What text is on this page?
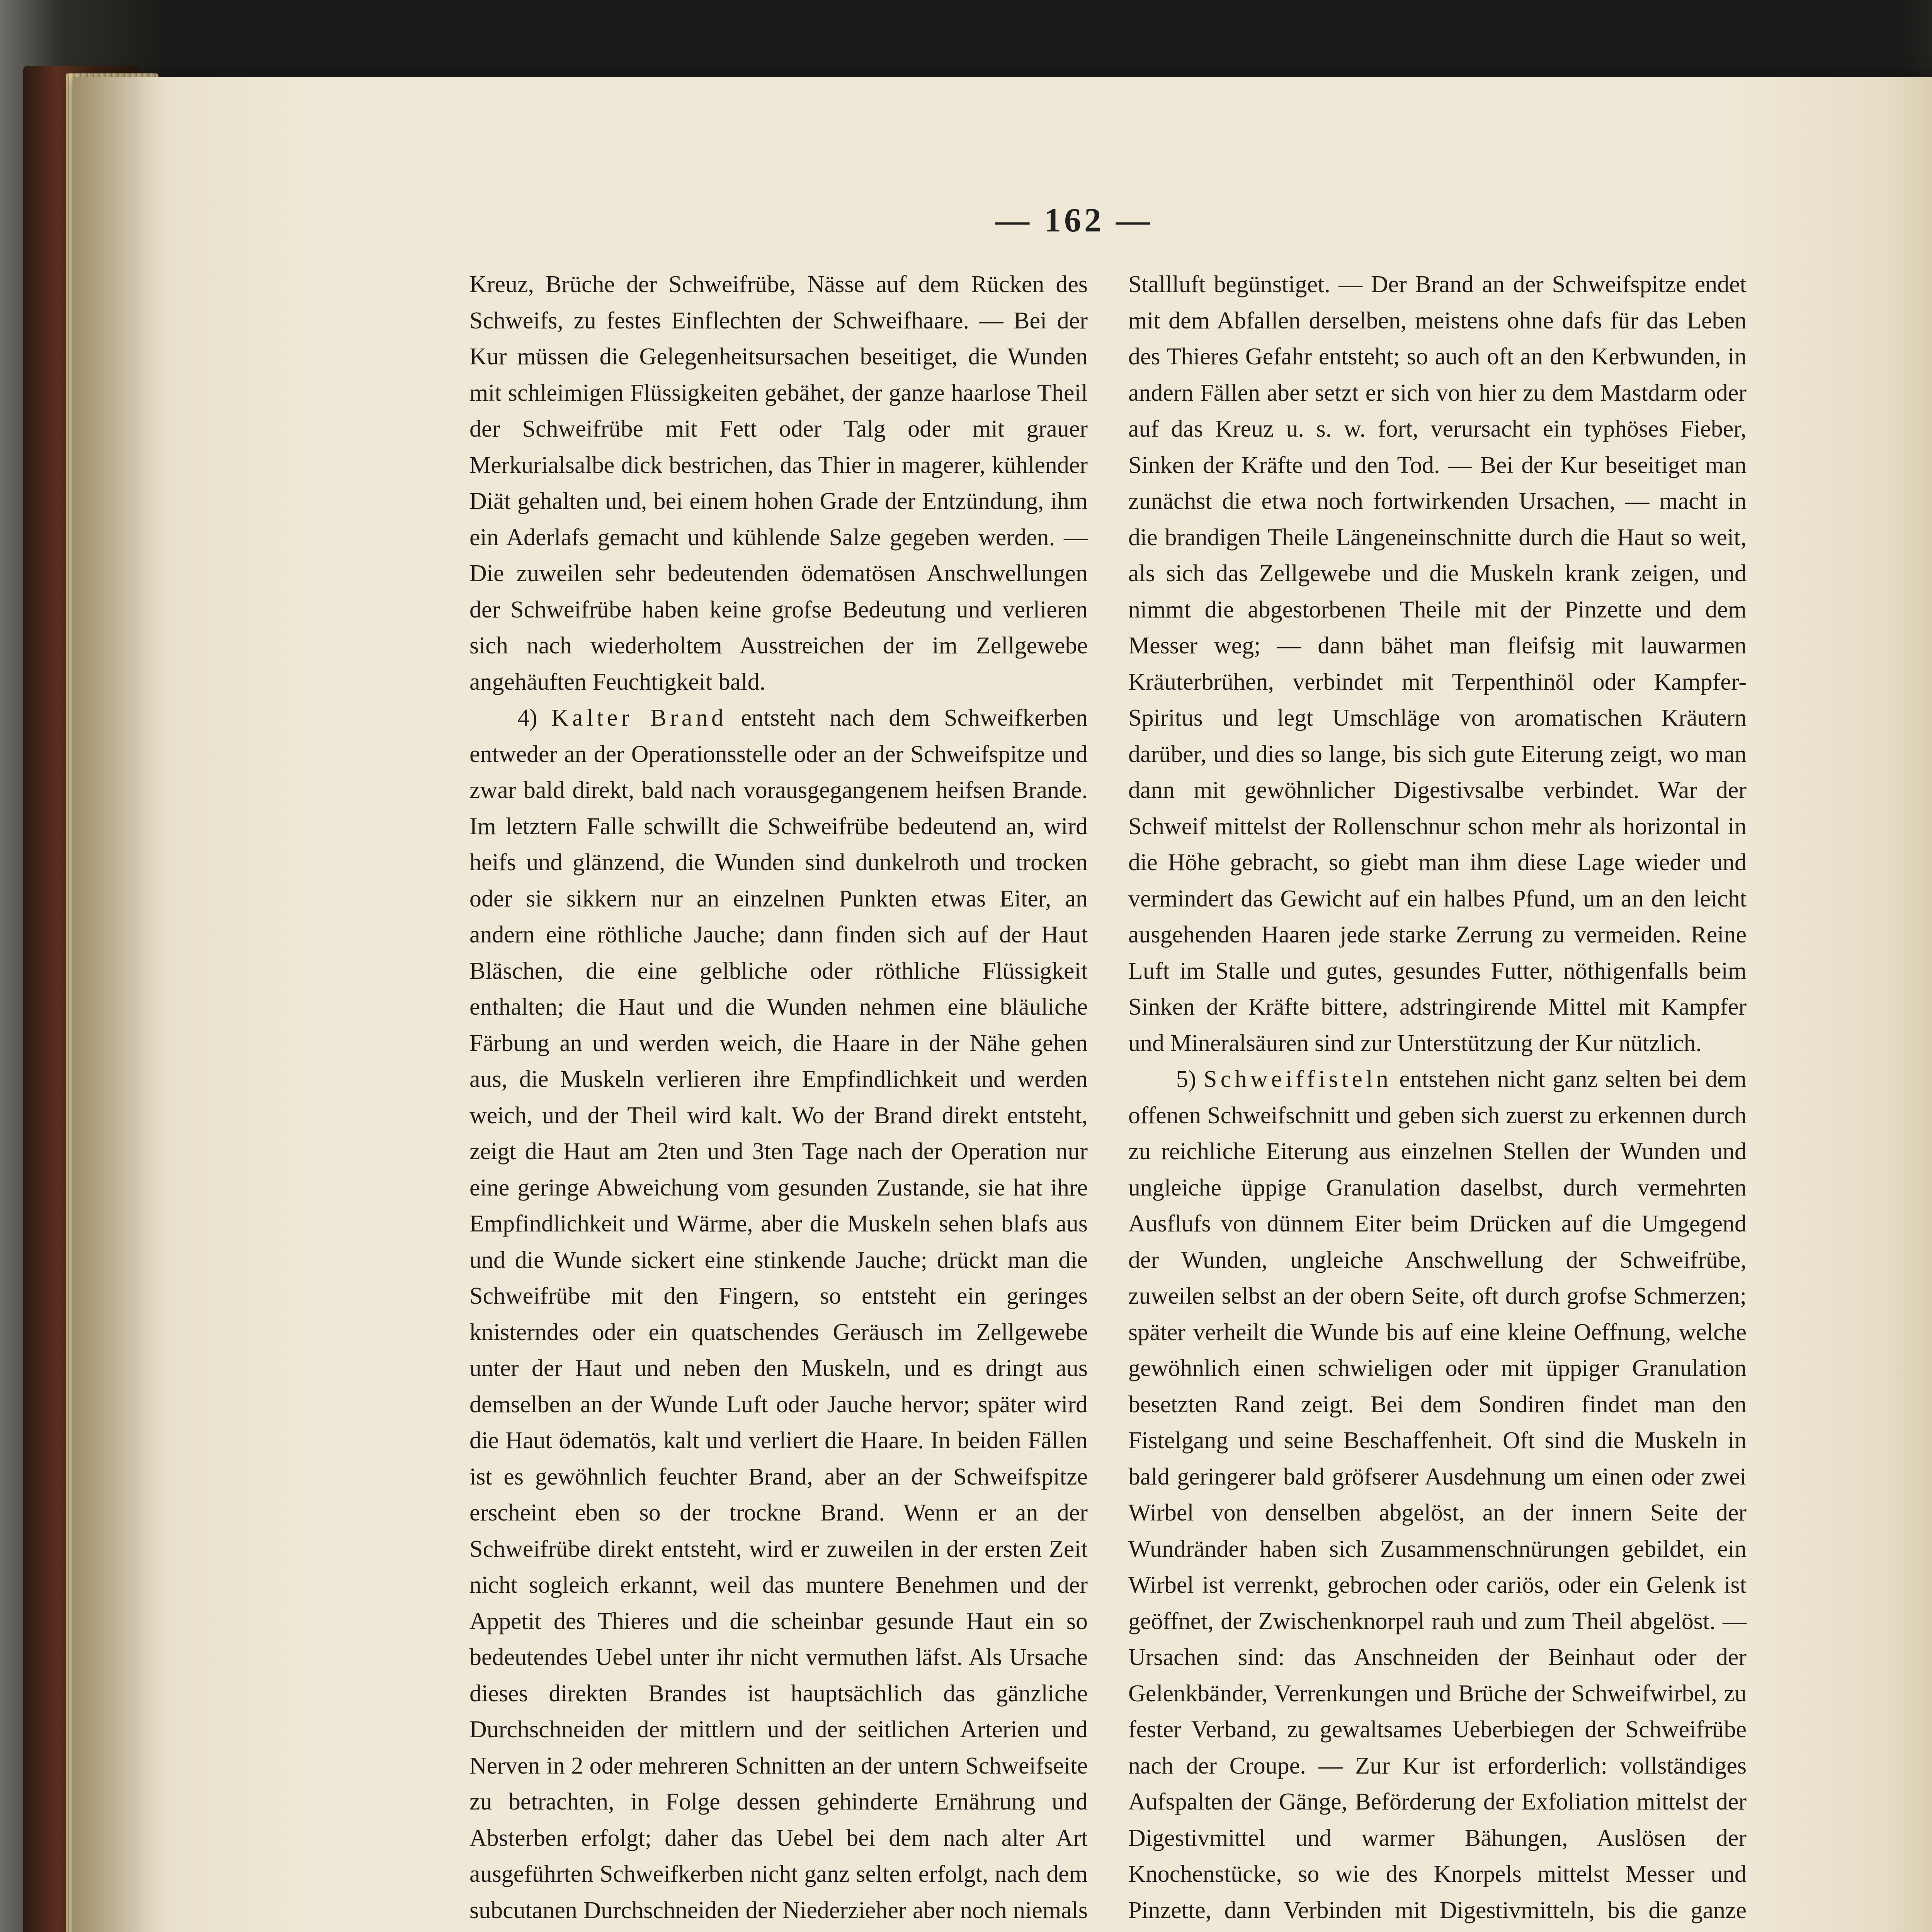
— 162 —

Kreuz, Brüche der Schweifrübe, Nässe auf dem Rücken des Schweifs, zu festes Einflechten der Schweifhaare. — Bei der Kur müssen die Gelegenheitsursachen beseitiget, die Wunden mit schleimigen Flüssigkeiten gebähet, der ganze haarlose Theil der Schweifrübe mit Fett oder Talg oder mit grauer Merkurialsalbe dick bestrichen, das Thier in magerer, kühlender Diät gehalten und, bei einem hohen Grade der Entzündung, ihm ein Aderlafs gemacht und kühlende Salze gegeben werden. — Die zuweilen sehr bedeutenden ödematösen Anschwellungen der Schweifrübe haben keine grofse Bedeutung und verlieren sich nach wiederholtem Ausstreichen der im Zellgewebe angehäuften Feuchtigkeit bald.

4) Kalter Brand entsteht nach dem Schweifkerben entweder an der Operationsstelle oder an der Schweifspitze und zwar bald direkt, bald nach vorausgegangenem heifsen Brande. Im letztern Falle schwillt die Schweifrübe bedeutend an, wird heifs und glänzend, die Wunden sind dunkelroth und trocken oder sie sikkern nur an einzelnen Punkten etwas Eiter, an andern eine röthliche Jauche; dann finden sich auf der Haut Bläschen, die eine gelbliche oder röthliche Flüssigkeit enthalten; die Haut und die Wunden nehmen eine bläuliche Färbung an und werden weich, die Haare in der Nähe gehen aus, die Muskeln verlieren ihre Empfindlichkeit und werden weich, und der Theil wird kalt. Wo der Brand direkt entsteht, zeigt die Haut am 2ten und 3ten Tage nach der Operation nur eine geringe Abweichung vom gesunden Zustande, sie hat ihre Empfindlichkeit und Wärme, aber die Muskeln sehen blafs aus und die Wunde sickert eine stinkende Jauche; drückt man die Schweifrübe mit den Fingern, so entsteht ein geringes knisterndes oder ein quatschendes Geräusch im Zellgewebe unter der Haut und neben den Muskeln, und es dringt aus demselben an der Wunde Luft oder Jauche hervor; später wird die Haut ödematös, kalt und verliert die Haare. In beiden Fällen ist es gewöhnlich feuchter Brand, aber an der Schweifspitze erscheint eben so der trockne Brand. Wenn er an der Schweifrübe direkt entsteht, wird er zuweilen in der ersten Zeit nicht sogleich erkannt, weil das muntere Benehmen und der Appetit des Thieres und die scheinbar gesunde Haut ein so bedeutendes Uebel unter ihr nicht vermuthen läfst. Als Ursache dieses direkten Brandes ist hauptsächlich das gänzliche Durchschneiden der mittlern und der seitlichen Arterien und Nerven in 2 oder mehreren Schnitten an der untern Schweifseite zu betrachten, in Folge dessen gehinderte Ernährung und Absterben erfolgt; daher das Uebel bei dem nach alter Art ausgeführten Schweifkerben nicht ganz selten erfolgt, nach dem subcutanen Durchschneiden der Niederzieher aber noch niemals

Stallluft begünstiget. — Der Brand an der Schweifspitze endet mit dem Abfallen derselben, meistens ohne dafs für das Leben des Thieres Gefahr entsteht; so auch oft an den Kerbwunden, in andern Fällen aber setzt er sich von hier zu dem Mastdarm oder auf das Kreuz u. s. w. fort, verursacht ein typhöses Fieber, Sinken der Kräfte und den Tod. — Bei der Kur beseitiget man zunächst die etwa noch fortwirkenden Ursachen, — macht in die brandigen Theile Längeneinschnitte durch die Haut so weit, als sich das Zellgewebe und die Muskeln krank zeigen, und nimmt die abgestorbenen Theile mit der Pinzette und dem Messer weg; — dann bähet man fleifsig mit lauwarmen Kräuterbrühen, verbindet mit Terpenthinöl oder Kampfer-Spiritus und legt Umschläge von aromatischen Kräutern darüber, und dies so lange, bis sich gute Eiterung zeigt, wo man dann mit gewöhnlicher Digestivsalbe verbindet. War der Schweif mittelst der Rollenschnur schon mehr als horizontal in die Höhe gebracht, so giebt man ihm diese Lage wieder und vermindert das Gewicht auf ein halbes Pfund, um an den leicht ausgehenden Haaren jede starke Zerrung zu vermeiden. Reine Luft im Stalle und gutes, gesundes Futter, nöthigenfalls beim Sinken der Kräfte bittere, adstringirende Mittel mit Kampfer und Mineralsäuren sind zur Unterstützung der Kur nützlich.

5) Schweiffisteln entstehen nicht ganz selten bei dem offenen Schweifschnitt und geben sich zuerst zu erkennen durch zu reichliche Eiterung aus einzelnen Stellen der Wunden und ungleiche üppige Granulation daselbst, durch vermehrten Ausflufs von dünnem Eiter beim Drücken auf die Umgegend der Wunden, ungleiche Anschwellung der Schweifrübe, zuweilen selbst an der obern Seite, oft durch grofse Schmerzen; später verheilt die Wunde bis auf eine kleine Oeffnung, welche gewöhnlich einen schwieligen oder mit üppiger Granulation besetzten Rand zeigt. Bei dem Sondiren findet man den Fistelgang und seine Beschaffenheit. Oft sind die Muskeln in bald geringerer bald gröfserer Ausdehnung um einen oder zwei Wirbel von denselben abgelöst, an der innern Seite der Wundränder haben sich Zusammenschnürungen gebildet, ein Wirbel ist verrenkt, gebrochen oder cariös, oder ein Gelenk ist geöffnet, der Zwischenknorpel rauh und zum Theil abgelöst. — Ursachen sind: das Anschneiden der Beinhaut oder der Gelenkbänder, Verrenkungen und Brüche der Schweifwirbel, zu fester Verband, zu gewaltsames Ueberbiegen der Schweifrübe nach der Croupe. — Zur Kur ist erforderlich: vollständiges Aufspalten der Gänge, Beförderung der Exfoliation mittelst der Digestivmittel und warmer Bähungen, Auslösen der Knochenstücke, so wie des Knorpels mittelst Messer und Pinzette, dann Verbinden mit Digestivmitteln, bis die ganze
